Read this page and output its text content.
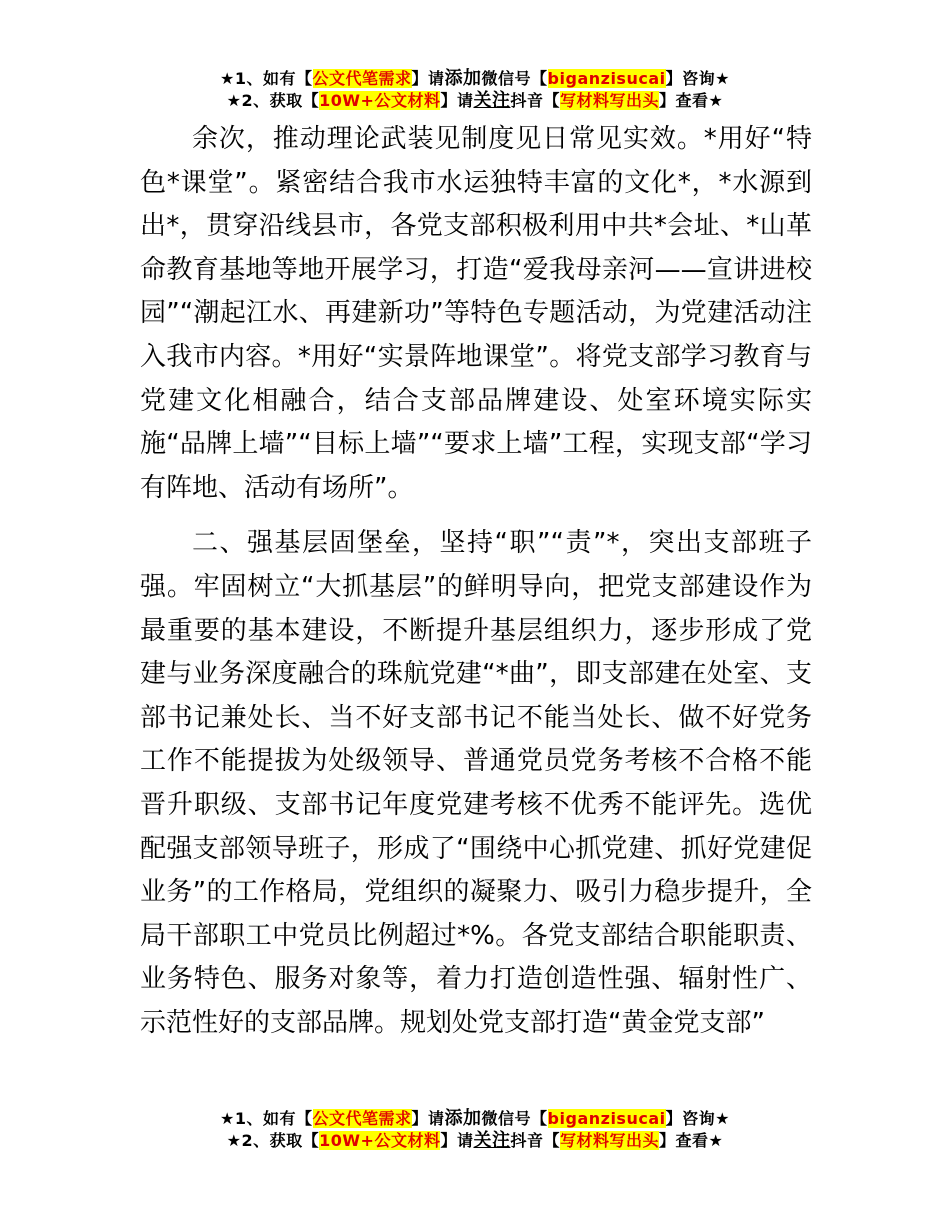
★1、如有【公文代笔需求】请添加微信号【biganzisucai】咨询★
★2、获取【10W+公文材料】请关注抖音【写材料写出头】查看★

余次，推动理论武装见制度见日常见实效。*用好“特色*课堂”。紧密结合我市水运独特丰富的文化*，*水源到出*，贯穿沿线县市，各党支部积极利用中共*会址、*山革命教育基地等地开展学习，打造“爱我母亲河——宣讲进校园”“潮起江水、再建新功”等特色专题活动，为党建活动注入我市内容。*用好“实景阵地课堂”。将党支部学习教育与党建文化相融合，结合支部品牌建设、处室环境实际实施“品牌上墙”“目标上墙”“要求上墙”工程，实现支部“学习有阵地、活动有场所”。

二、强基层固堡垒，坚持“职”“责”*，突出支部班子强。牢固树立“大抓基层”的鲜明导向，把党支部建设作为最重要的基本建设，不断提升基层组织力，逐步形成了党建与业务深度融合的珠航党建“*曲”，即支部建在处室、支部书记兼处长、当不好支部书记不能当处长、做不好党务工作不能提拔为处级领导、普通党员党务考核不合格不能晋升职级、支部书记年度党建考核不优秀不能评先。选优配强支部领导班子，形成了“围绕中心抓党建、抓好党建促业务”的工作格局，党组织的凝聚力、吸引力稳步提升，全局干部职工中党员比例超过*%。各党支部结合职能职责、业务特色、服务对象等，着力打造创造性强、辐射性广、示范性好的支部品牌。规划处党支部打造“黄金党支部”

★1、如有【公文代笔需求】请添加微信号【biganzisucai】咨询★
★2、获取【10W+公文材料】请关注抖音【写材料写出头】查看★
